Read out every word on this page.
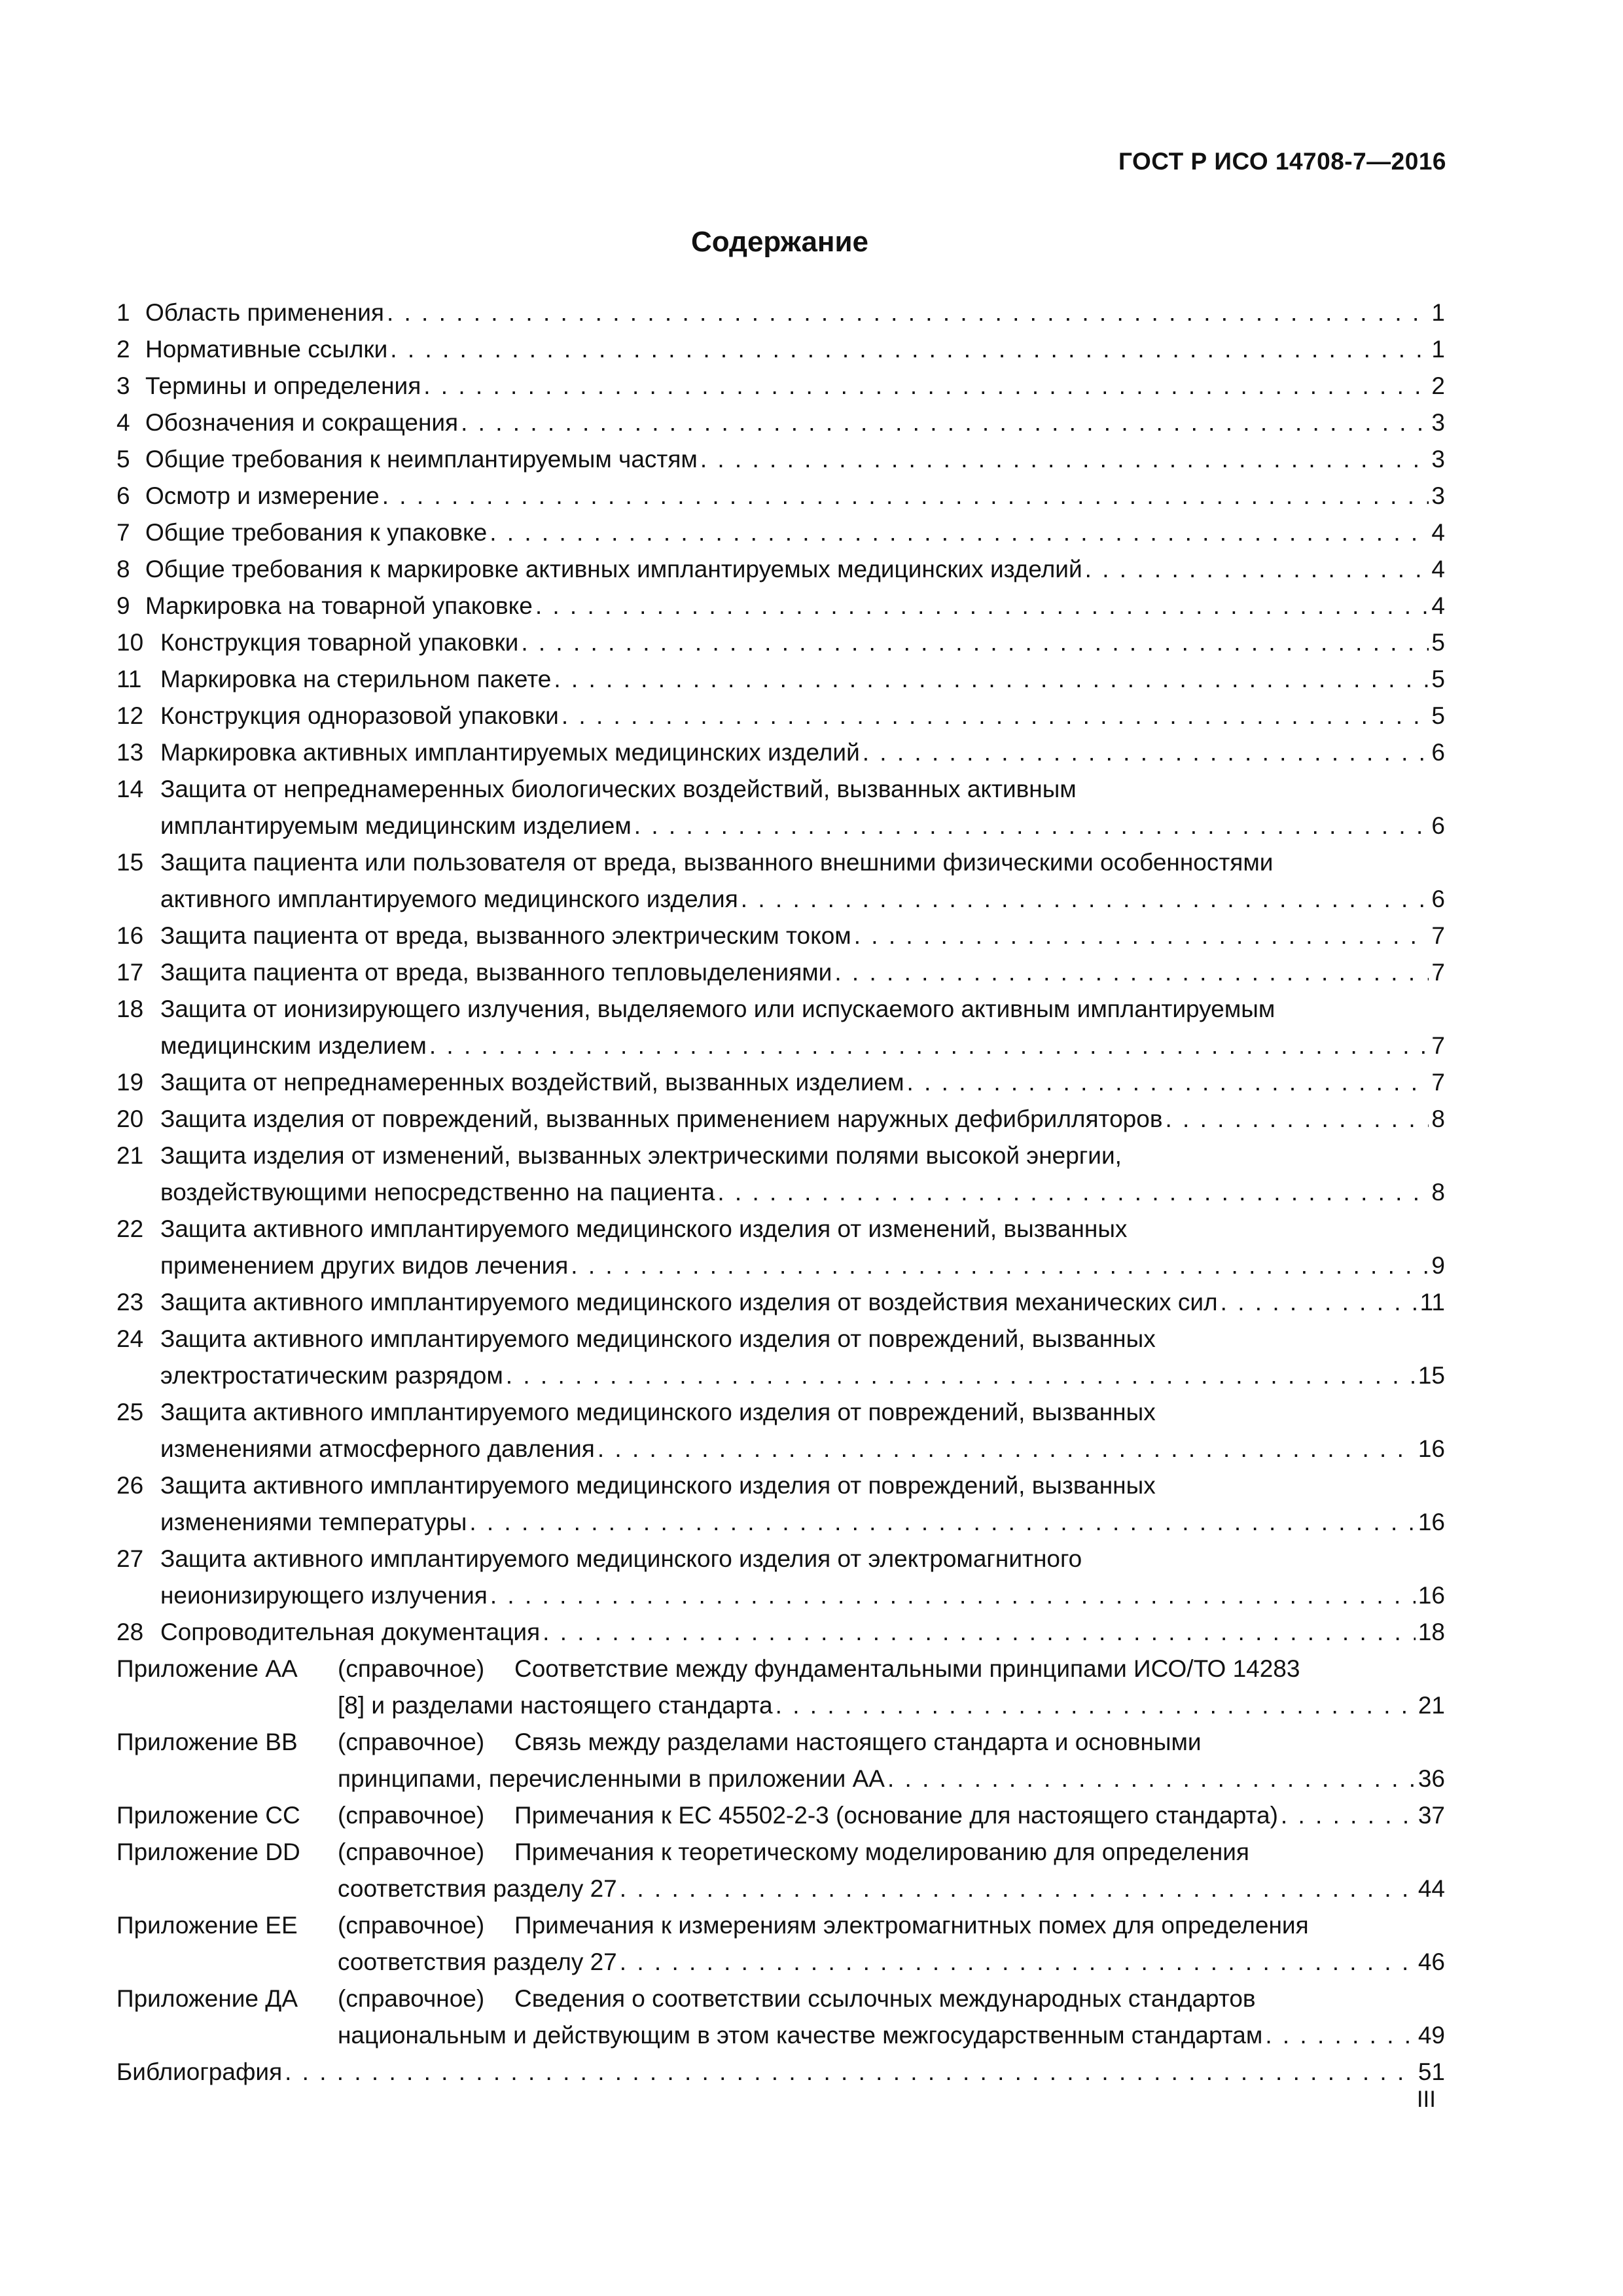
ГОСТ Р ИСО 14708-7—2016
Содержание
1 Область применения . . .	1
2 Нормативные ссылки . . .	1
3 Термины и определения . . .	2
4 Обозначения и сокращения . . .	3
5 Общие требования к неимплантируемым частям . . .	3
6 Осмотр и измерение . . .	3
7 Общие требования к упаковке . . .	4
8 Общие требования к маркировке активных имплантируемых медицинских изделий . . .	4
9 Маркировка на товарной упаковке . . .	4
10 Конструкция товарной упаковки . . .	5
11 Маркировка на стерильном пакете . . .	5
12 Конструкция одноразовой упаковки . . .	5
13 Маркировка активных имплантируемых медицинских изделий . . .	6
14 Защита от непреднамеренных биологических воздействий, вызванных активным
имплантируемым медицинским изделием . . .	6
15 Защита пациента или пользователя от вреда, вызванного внешними физическими особенностями
активного имплантируемого медицинского изделия . . .	6
16 Защита пациента от вреда, вызванного электрическим током . . .	7
17 Защита пациента от вреда, вызванного тепловыделениями . . .	7
18 Защита от ионизирующего излучения, выделяемого или испускаемого активным имплантируемым
медицинским изделием . . .	7
19 Защита от непреднамеренных воздействий, вызванных изделием . . .	7
20 Защита изделия от повреждений, вызванных применением наружных дефибрилляторов . . .	8
21 Защита изделия от изменений, вызванных электрическими полями высокой энергии,
воздействующими непосредственно на пациента . . .	8
22 Защита активного имплантируемого медицинского изделия от изменений, вызванных
применением других видов лечения . . .	9
23 Защита активного имплантируемого медицинского изделия от воздействия механических сил . . .	11
24 Защита активного имплантируемого медицинского изделия от повреждений, вызванных
электростатическим разрядом . . .	15
25 Защита активного имплантируемого медицинского изделия от повреждений, вызванных
изменениями атмосферного давления . . .	16
26 Защита активного имплантируемого медицинского изделия от повреждений, вызванных
изменениями температуры . . .	16
27 Защита активного имплантируемого медицинского изделия от электромагнитного
неионизирующего излучения . . .	16
28 Сопроводительная документация . . .	18
Приложение АА	(справочное)	Соответствие между фундаментальными принципами ИСО/ТО 14283
[8] и разделами настоящего стандарта . . .	21
Приложение ВВ	(справочное)	Связь между разделами настоящего стандарта и основными
принципами, перечисленными в приложении АА . . .	36
Приложение СС	(справочное)	Примечания к ЕС 45502-2-3 (основание для настоящего стандарта) . . .	37
Приложение DD	(справочное)	Примечания к теоретическому моделированию для определения
соответствия разделу 27 . . .	44
Приложение ЕЕ	(справочное)	Примечания к измерениям электромагнитных помех для определения
соответствия разделу 27 . . .	46
Приложение ДА	(справочное)	Сведения о соответствии ссылочных международных стандартов
национальным и действующим в этом качестве межгосударственным стандартам . . .	49
Библиография . . .	51
III
